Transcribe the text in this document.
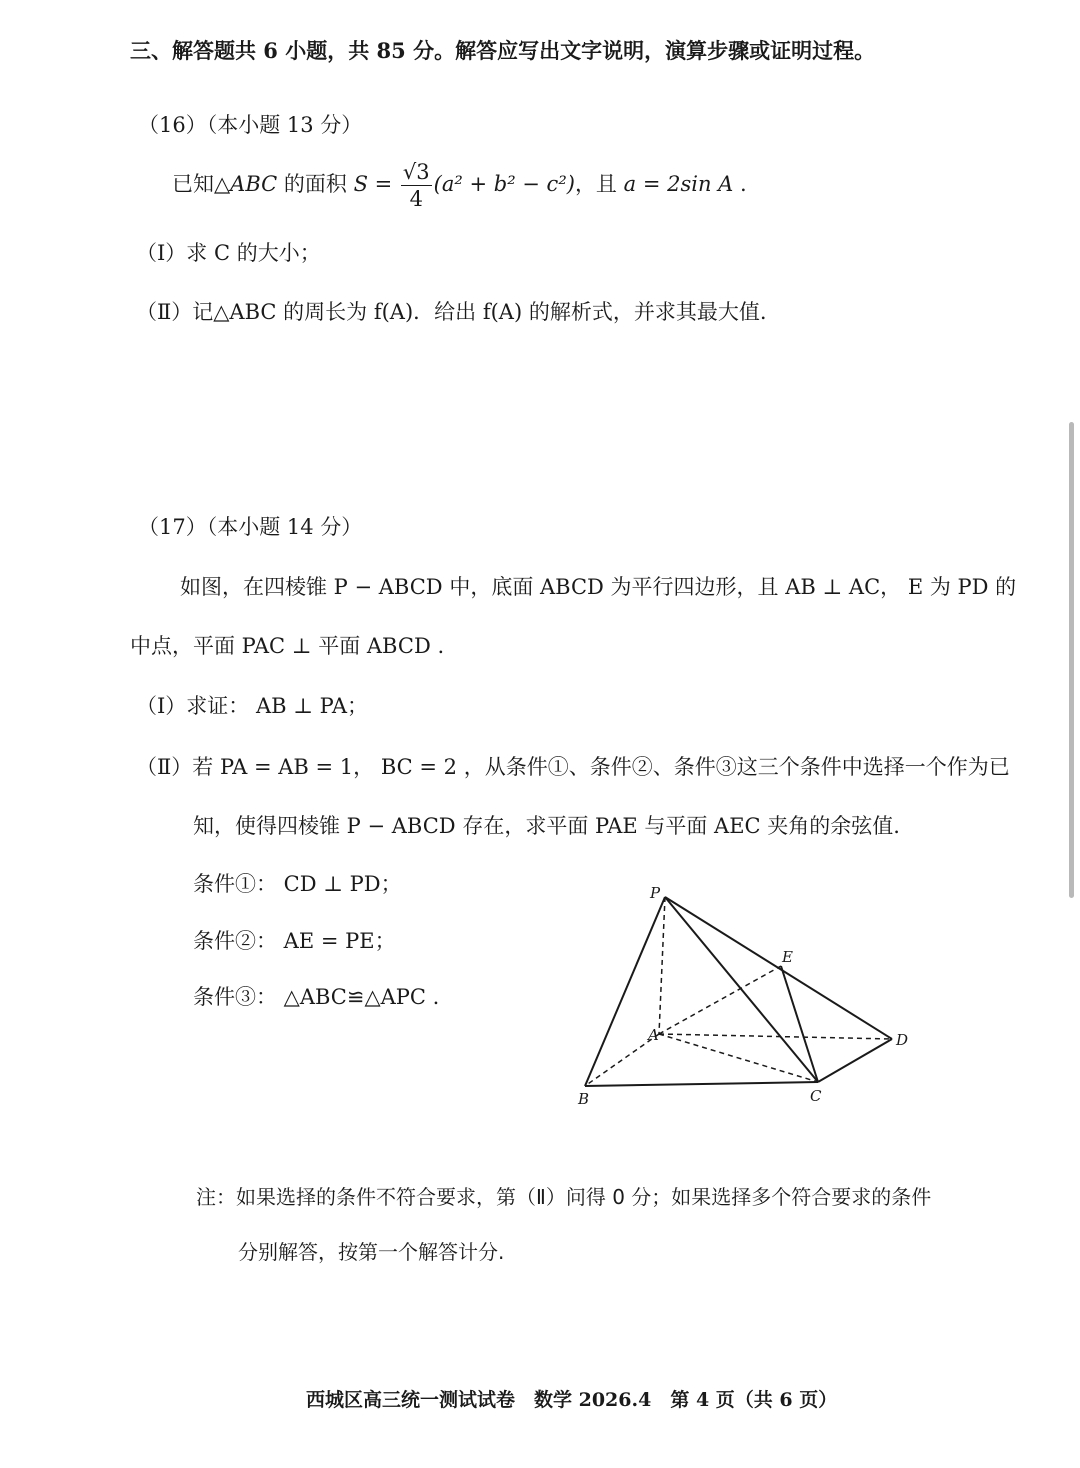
三、解答题共 6 小题，共 85 分。解答应写出文字说明，演算步骤或证明过程。
（16）（本小题 13 分）
已知△ABC 的面积 $S = \frac{√3}{4} (a^2 + b^2 - c^2)$，且 a = 2sin A .
（Ⅰ）求 C 的大小；
（Ⅱ）记△ABC 的周长为 f(A)．给出 f(A) 的解析式，并求其最大值.
（17）（本小题 14 分）
如图，在四棱锥 P − ABCD 中，底面 ABCD 为平行四边形，且 AB ⊥ AC， E 为 PD 的
中点，平面 PAC ⊥ 平面 ABCD .
（Ⅰ）求证： AB ⊥ PA；
（Ⅱ）若 PA = AB = 1， BC = 2 ，从条件①、条件②、条件③这三个条件中选择一个作为已
知，使得四棱锥 P − ABCD 存在，求平面 PAE 与平面 AEC 夹角的余弦值.
条件①： CD ⊥ PD；
条件②： AE = PE；
条件③： △ABC≌△APC .
P
E
A	D
B	C
注：如果选择的条件不符合要求，第（Ⅱ）问得 0 分；如果选择多个符合要求的条件
分别解答，按第一个解答计分.
西城区高三统一测试试卷　数学 2026.4　第 4 页（共 6 页）
